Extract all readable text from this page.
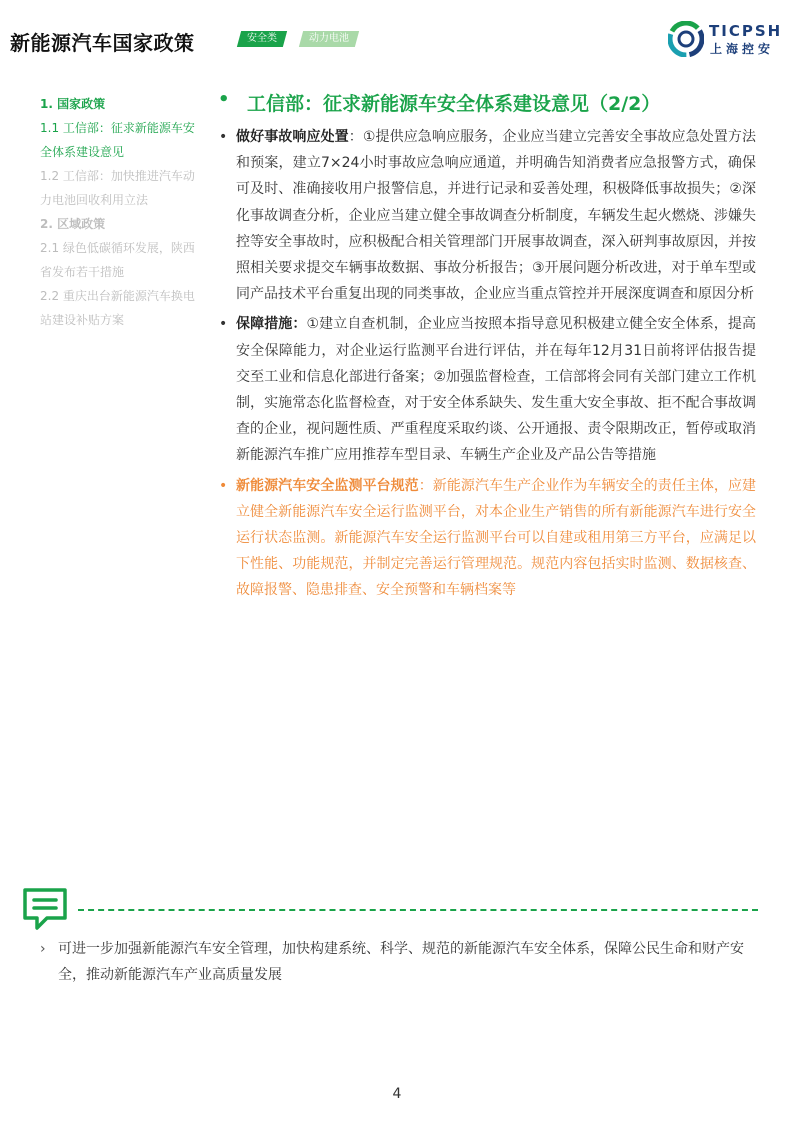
新能源汽车国家政策	安全类	动力电池	TICPSH
上海控安
1. 国家政策
1.1 工信部：征求新能源车安全体系建设意见
1.2 工信部：加快推进汽车动力电池回收利用立法
2. 区域政策
2.1 绿色低碳循环发展，陕西省发布若干措施
2.2 重庆出台新能源汽车换电站建设补贴方案
• 工信部：征求新能源车安全体系建设意见（2/2）
• 做好事故响应处置：①提供应急响应服务，企业应当建立完善安全事故应急处置方法和预案，建立7×24小时事故应急响应通道，并明确告知消费者应急报警方式，确保可及时、准确接收用户报警信息，并进行记录和妥善处理，积极降低事故损失；②深化事故调查分析，企业应当建立健全事故调查分析制度，车辆发生起火燃烧、涉嫌失控等安全事故时，应积极配合相关管理部门开展事故调查，深入研判事故原因，并按照相关要求提交车辆事故数据、事故分析报告；③开展问题分析改进，对于单车型或同产品技术平台重复出现的同类事故，企业应当重点管控并开展深度调查和原因分析
• 保障措施：①建立自查机制，企业应当按照本指导意见积极建立健全安全体系，提高安全保障能力，对企业运行监测平台进行评估，并在每年12月31日前将评估报告提交至工业和信息化部进行备案；②加强监督检查，工信部将会同有关部门建立工作机制，实施常态化监督检查，对于安全体系缺失、发生重大安全事故、拒不配合事故调查的企业，视问题性质、严重程度采取约谈、公开通报、责令限期改正，暂停或取消新能源汽车推广应用推荐车型目录、车辆生产企业及产品公告等措施
• 新能源汽车安全监测平台规范：新能源汽车生产企业作为车辆安全的责任主体，应建立健全新能源汽车安全运行监测平台，对本企业生产销售的所有新能源汽车进行安全运行状态监测。新能源汽车安全运行监测平台可以自建或租用第三方平台，应满足以下性能、功能规范，并制定完善运行管理规范。规范内容包括实时监测、数据核查、故障报警、隐患排查、安全预警和车辆档案等
› 可进一步加强新能源汽车安全管理，加快构建系统、科学、规范的新能源汽车安全体系，保障公民生命和财产安全，推动新能源汽车产业高质量发展
4
